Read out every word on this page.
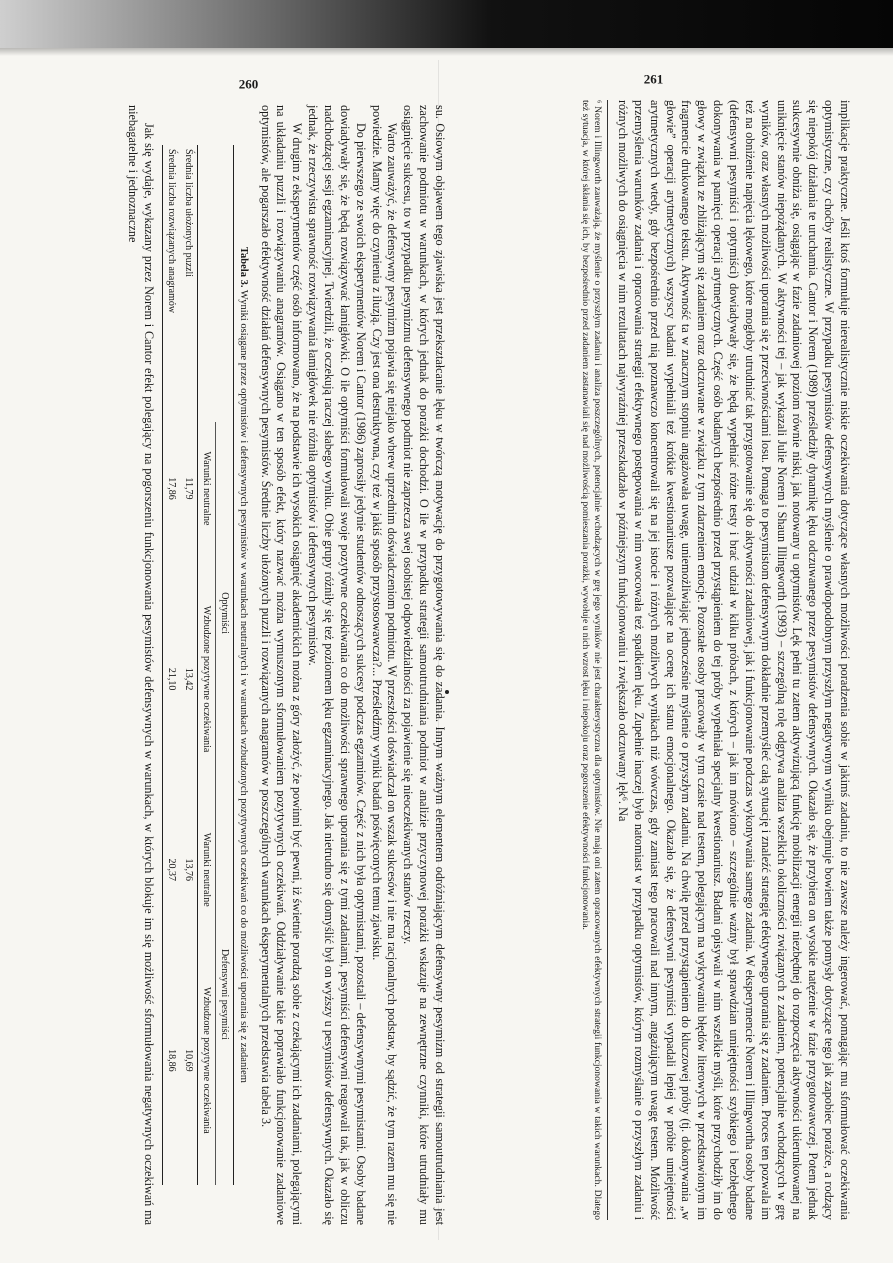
260

su. Osiowym objawem tego zjawiska jest przekształcanie lęku w twórczą motywację do przygotowywania się do zadania. Innym ważnym elementem odróżniającym defensywny pesymizm od strategii samoutrudniania jest zachowanie podmiotu w warunkach, w których jednak do porażki dochodzi. O ile w przypadku strategii samoutrudniania podmiot w analizie przyczynowej porażki wskazuje na zewnętrzne czynniki, które utrudniały mu osiągnięcie sukcesu, to w przypadku pesymizmu defensywnego podmiot nie zaprzecza swej osobistej odpowiedzialności za pojawienie się nieoczekiwanych stanów rzeczy.

Warto zauważyć, że defensywny pesymizm pojawia się niejako wbrew uprzednim doświadczeniom podmiotu. W przeszłości doświadczał on wszak sukcesów i nie ma racjonalnych podstaw, by sądzić, że tym razem mu się nie powiedzie. Mamy więc do czynienia z iluzją. Czy jest ona destruktywna, czy też w jakiś sposób przystosowawcza?... Prześledźmy wyniki badań poświęconych temu zjawisku.

Do pierwszego ze swoich eksperymentów Norem i Cantor (1986) zaprosiły jedynie studentów odnoszących sukcesy podczas egzaminów. Część z nich była optymistami, pozostali – defensywnymi pesymistami. Osoby badane dowiadywały się, że będą rozwiązywać łamigłówki. O ile optymiści formułowali swoje pozytywne oczekiwania co do możliwości sprawnego uporania się z tymi zadaniami, pesymiści defensywni reagowali tak, jak w obliczu nadchodzącej sesji egzaminacyjnej. Twierdzili, że oczekują raczej słabego wyniku. Obie grupy różniły się też poziomem lęku egzaminacyjnego. Jak nietrudno się domyślić był on wyższy u pesymistów defensywnych. Okazało się jednak, że rzeczywista sprawność rozwiązywania łamigłówek nie różniła optymistów i defensywnych pesymistów.

W drugim z eksperymentów część osób informowano, że na podstawie ich wysokich osiągnięć akademickich można z góry założyć, że powinni być pewni, iż świetnie poradzą sobie z czekającymi ich zadaniami, polegającymi na układaniu puzzli i rozwiązywaniu anagramów. Osiągano w ten sposób efekt, który nazwać można wymuszonym sformułowaniem pozytywnych oczekiwań. Oddziaływanie takie poprawiało funkcjonowanie zadaniowe optymistów, ale pogarszało efektywność działań defensywnych pesymistów. Średnie liczby ułożonych puzzli i rozwiązanych anagramów w poszczególnych warunkach eksperymentalnych przedstawia tabela 3.

Tabela 3. Wyniki osiągane przez optymistów i defensywnych pesymistów w warunkach neutralnych i w warunkach wzbudzonych pozytywnych oczekiwań co do możliwości uporania się z zadaniem
	Optymiści		Defensywni pesymiści	
	Warunki neutralne	Wzbudzone pozytywne oczekiwania	Warunki neutralne	Wzbudzone pozytywne oczekiwania
Średnia liczba ułożonych puzzli	11,79	13,42	13,76	10,69
Średnia liczba rozwiązanych anagramów	17,86	21,10	20,37	18,86

Jak się wydaje, wykazany przez Norem i Cantor efekt polegający na pogorszeniu funkcjonowania pesymistów defensywnych w warunkach, w których blokuje im się możliwość sformułowania negatywnych oczekiwań ma niebagatelne i jednoznaczne

261

implikacje praktyczne. Jeśli ktoś formułuje nierealistycznie niskie oczekiwania dotyczące własnych możliwości poradzenia sobie w jakimś zadaniu, to nie zawsze należy ingerować, pomagając mu sformułować oczekiwania optymistyczne, czy choćby realistyczne. W przypadku pesymistów defensywnych myślenie o prawdopodobnym przyszłym negatywnym wyniku obejmuje bowiem także pomysły dotyczące tego jak zapobiec porażce, a rodzący się niepokój działania te uruchamia. Cantor i Norem (1989) prześledziły dynamikę lęku odczuwanego przez pesymistów defensywnych. Okazało się, że przybiera on wysokie natężenie w fazie przygotowawczej. Potem jednak sukcesywnie obniża się, osiągając w fazie zadaniowej poziom równie niski, jak notowany u optymistów. Lęk pełni tu zatem aktywizującą funkcję mobilizacji energii niezbędnej do rozpoczęcia aktywności ukierunkowanej na uniknięcie stanów niepożądanych. W aktywności tej – jak wykazali Julie Norem i Shaun Illingworth (1993) – szczególną rolę odgrywa analiza wszelkich okoliczności związanych z zadaniem, potencjalnie wchodzących w grę wyników, oraz własnych możliwości uporania się z przeciwnościami losu. Pomaga to pesymistom defensywnym dokładnie przemyśleć całą sytuację i znaleźć strategię efektywnego uporania się z zadaniem. Proces ten pozwala im też na obniżenie napięcia lękowego, które mogłoby utrudniać tak przygotowanie się do aktywności zadaniowej, jak i funkcjonowanie podczas wykonywania samego zadania. W eksperymencie Norem i Illingwortha osoby badane (defensywni pesymiści i optymiści) dowiadywały się, że będą wypełniać różne testy i brać udział w kilku próbach, z których – jak im mówiono – szczególnie ważny był sprawdzian umiejętności szybkiego i bezbłędnego dokonywania w pamięci operacji arytmetycznych. Część osób badanych bezpośrednio przed przystąpieniem do tej próby wypełniała specjalny kwestionariusz. Badani opisywali w nim wszelkie myśli, które przychodziły im do głowy w związku ze zbliżającym się zadaniem oraz odczuwane w związku z tym zdarzeniem emocje. Pozostałe osoby pracowały w tym czasie nad testem, polegającym na wykrywaniu błędów literowych w przedstawionym im fragmencie drukowanego tekstu. Aktywność ta w znacznym stopniu angażowała uwagę, uniemożliwiając jednocześnie myślenie o przyszłym zadaniu. Na chwilę przed przystąpieniem do kluczowej próby (tj. dokonywania „w głowie” operacji arytmetycznych) wszyscy badani wypełniali też krótkie kwestionariusze pozwalające na ocenę ich stanu emocjonalnego. Okazało się, że defensywni pesymiści wypadali lepiej w próbie umiejętności arytmetycznych wtedy, gdy bezpośrednio przed nią poznawczo koncentrowali się na jej istocie i różnych możliwych wynikach niż wówczas, gdy zamiast tego pracowali nad innym, angażującym uwagę testem. Możliwość przemyślenia warunków zadania i opracowania strategii efektywnego postępowania w nim owocowała też spadkiem lęku. Zupełnie inaczej było natomiast w przypadku optymistów, którym rozmyślanie o przyszłym zadaniu i różnych możliwych do osiągnięcia w nim rezultatach najwyraźniej przeszkadzało w późniejszym funkcjonowaniu i zwiększało odczuwany lęk⁶. Na

⁶ Norem i Illingworth zauważają, że myślenie o przyszłym zadaniu i analiza poszczególnych, potencjalnie wchodzących w grę jego wyników nie jest charakterystyczna dla optymistów. Nie mają oni zatem opracowanych efektywnych strategii funkcjonowania w takich warunkach. Dlatego też sytuacja, w której skłania się ich, by bezpośrednio przed zadaniem zastanawiali się nad możliwością pomieszania porażki, wywołuje u nich wzrost lęku i niepokoju oraz pogorszenie efektywności funkcjonowania.
